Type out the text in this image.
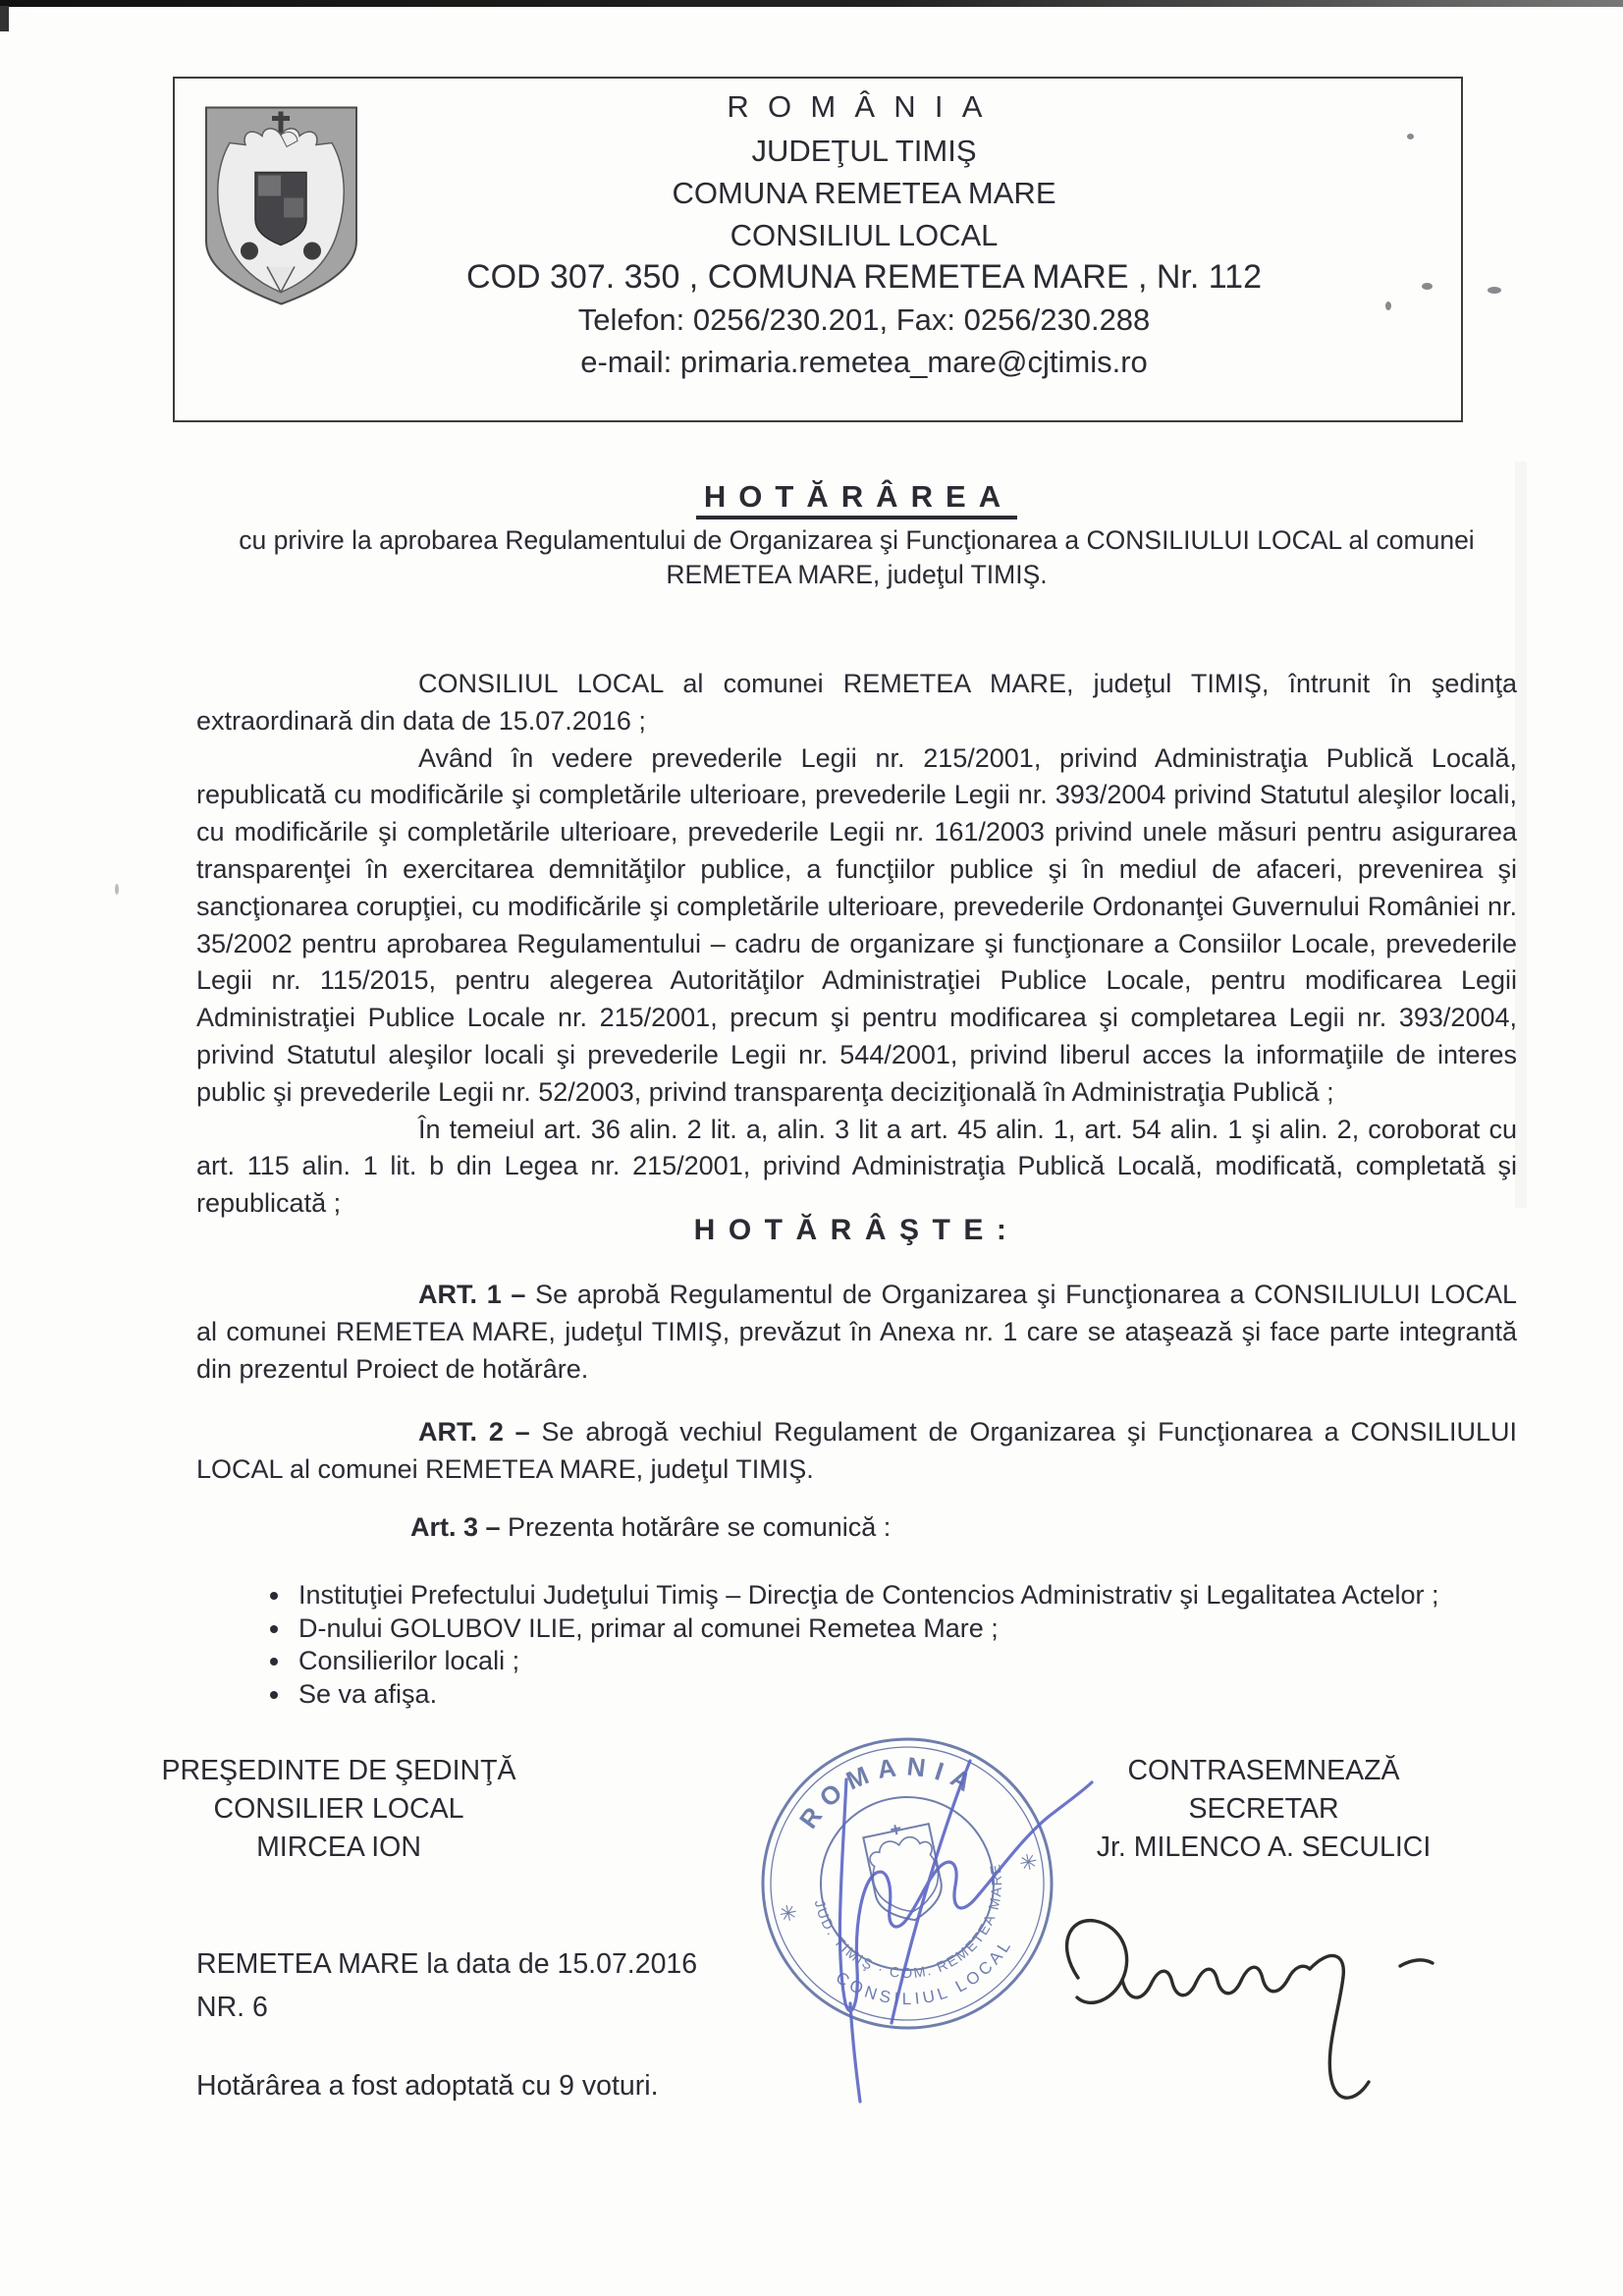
ROMÂNIA
JUDEŢUL TIMIŞ
COMUNA REMETEA MARE
CONSILIUL LOCAL
COD 307. 350 , COMUNA REMETEA MARE , Nr. 112
Telefon: 0256/230.201, Fax: 0256/230.288
e-mail: primaria.remetea_mare@cjtimis.ro
HOTĂRÂREA
cu privire la aprobarea Regulamentului de Organizarea şi Funcţionarea a CONSILIULUI LOCAL al comunei
REMETEA MARE, judeţul TIMIŞ.

CONSILIUL LOCAL al comunei REMETEA MARE, judeţul TIMIŞ, întrunit în şedinţa extraordinară din data de 15.07.2016 ;

Având în vedere prevederile Legii nr. 215/2001, privind Administraţia Publică Locală, republicată cu modificările şi completările ulterioare, prevederile Legii nr. 393/2004 privind Statutul aleşilor locali, cu modificările şi completările ulterioare, prevederile Legii nr. 161/2003 privind unele măsuri pentru asigurarea transparenţei în exercitarea demnităţilor publice, a funcţiilor publice şi în mediul de afaceri, prevenirea şi sancţionarea corupţiei, cu modificările şi completările ulterioare, prevederile Ordonanţei Guvernului României nr. 35/2002 pentru aprobarea Regulamentului – cadru de organizare şi funcţionare a Consiilor Locale, prevederile Legii nr. 115/2015, pentru alegerea Autorităţilor Administraţiei Publice Locale, pentru modificarea Legii Administraţiei Publice Locale nr. 215/2001, precum şi pentru modificarea şi completarea Legii nr. 393/2004, privind Statutul aleşilor locali şi prevederile Legii nr. 544/2001, privind liberul acces la informaţiile de interes public şi prevederile Legii nr. 52/2003, privind transparenţa deciziţională în Administraţia Publică ;

În temeiul art. 36 alin. 2 lit. a, alin. 3 lit a art. 45 alin. 1, art. 54 alin. 1 şi alin. 2, coroborat cu art. 115 alin. 1 lit. b din Legea nr. 215/2001, privind Administraţia Publică Locală, modificată, completată şi republicată ;

HOTĂRÂŞTE:

ART. 1 – Se aprobă Regulamentul de Organizarea şi Funcţionarea a CONSILIULUI LOCAL al comunei REMETEA MARE, judeţul TIMIŞ, prevăzut în Anexa nr. 1 care se ataşează şi face parte integrantă din prezentul Proiect de hotărâre.

ART. 2 – Se abrogă vechiul Regulament de Organizarea şi Funcţionarea a CONSILIULUI LOCAL al comunei REMETEA MARE, judeţul TIMIŞ.

Art. 3 – Prezenta hotărâre se comunică :
• Instituţiei Prefectului Judeţului Timiş – Direcţia de Contencios Administrativ şi Legalitatea Actelor ;
• D-nului GOLUBOV ILIE, primar al comunei Remetea Mare ;
• Consilierilor locali ;
• Se va afişa.
PREŞEDINTE DE ŞEDINŢĂ
CONSILIER LOCAL
MIRCEA ION
CONTRASEMNEAZĂ
SECRETAR
Jr. MILENCO A. SECULICI
ROMANIA
✳
✳
JUD. TIMIŞ · COM. REMETEA MARE
CONSILIUL LOCAL
REMETEA MARE la data de 15.07.2016
NR. 6
Hotărârea a fost adoptată cu 9 voturi.
